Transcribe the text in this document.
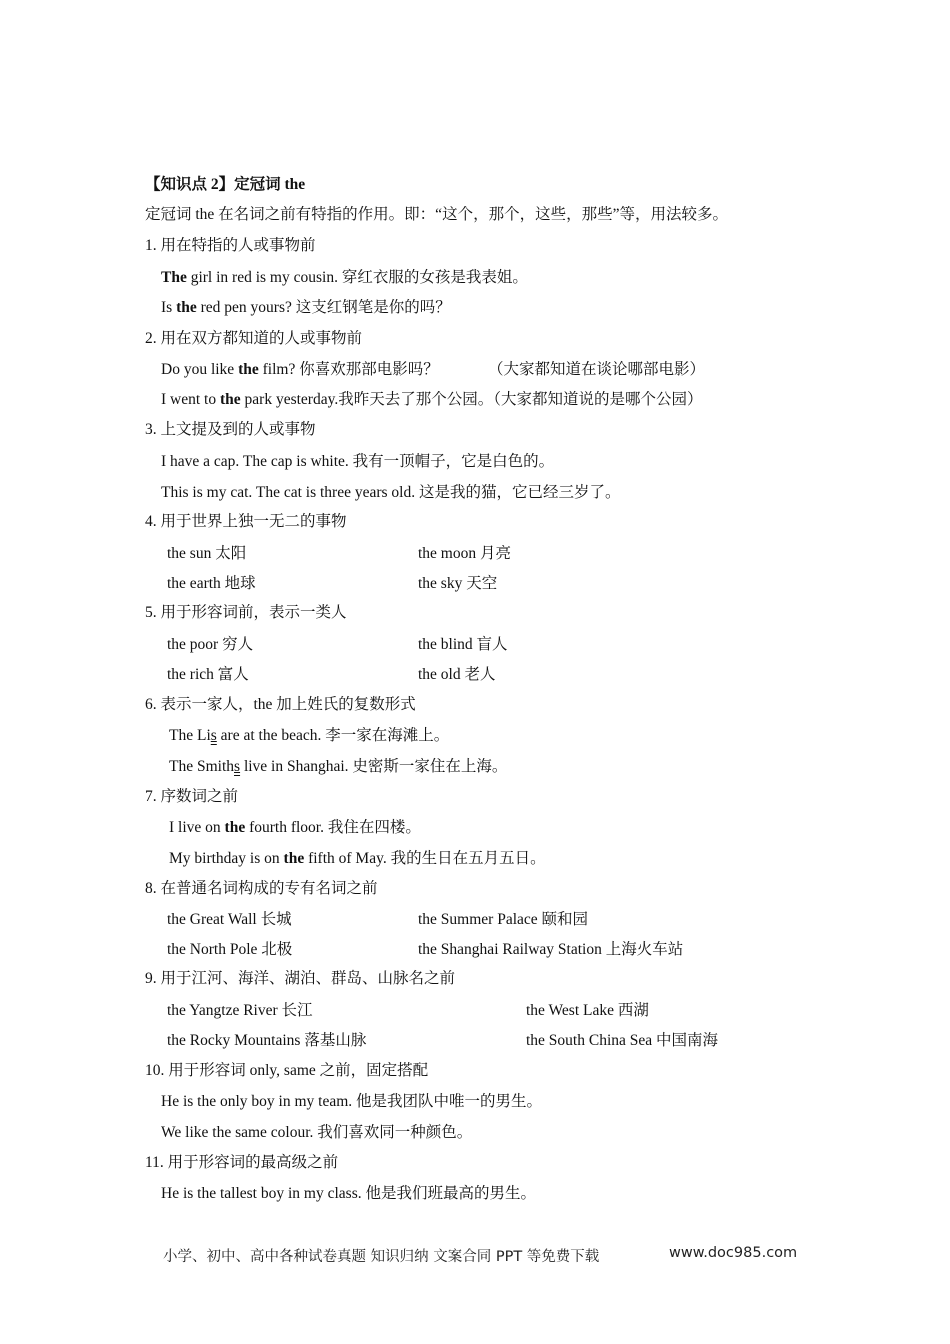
【知识点 2】定冠词 the
定冠词 the 在名词之前有特指的作用。即：“这个，那个，这些，那些”等，用法较多。
1. 用在特指的人或事物前
The girl in red is my cousin. 穿红衣服的女孩是我表姐。
Is the red pen yours? 这支红钢笔是你的吗？
2. 用在双方都知道的人或事物前
Do you like the film? 你喜欢那部电影吗？	（大家都知道在谈论哪部电影）
I went to the park yesterday.我昨天去了那个公园。（大家都知道说的是哪个公园）
3. 上文提及到的人或事物
I have a cap. The cap is white. 我有一顶帽子，它是白色的。
This is my cat. The cat is three years old. 这是我的猫，它已经三岁了。
4. 用于世界上独一无二的事物
the sun 太阳	the moon 月亮
the earth 地球	the sky 天空
5. 用于形容词前，表示一类人
the poor 穷人	the blind 盲人
the rich 富人	the old 老人
6. 表示一家人，the 加上姓氏的复数形式
The Lis are at the beach. 李一家在海滩上。
The Smiths live in Shanghai. 史密斯一家住在上海。
7. 序数词之前
I live on the fourth floor. 我住在四楼。
My birthday is on the fifth of May. 我的生日在五月五日。
8. 在普通名词构成的专有名词之前
the Great Wall 长城	the Summer Palace 颐和园
the North Pole 北极	the Shanghai Railway Station 上海火车站
9. 用于江河、海洋、湖泊、群岛、山脉名之前
the Yangtze River 长江	the West Lake 西湖
the Rocky Mountains 落基山脉	the South China Sea 中国南海
10. 用于形容词 only, same 之前，固定搭配
He is the only boy in my team. 他是我团队中唯一的男生。
We like the same colour. 我们喜欢同一种颜色。
11. 用于形容词的最高级之前
He is the tallest boy in my class. 他是我们班最高的男生。
小学、初中、高中各种试卷真题 知识归纳 文案合同 PPT 等免费下载	www.doc985.com
